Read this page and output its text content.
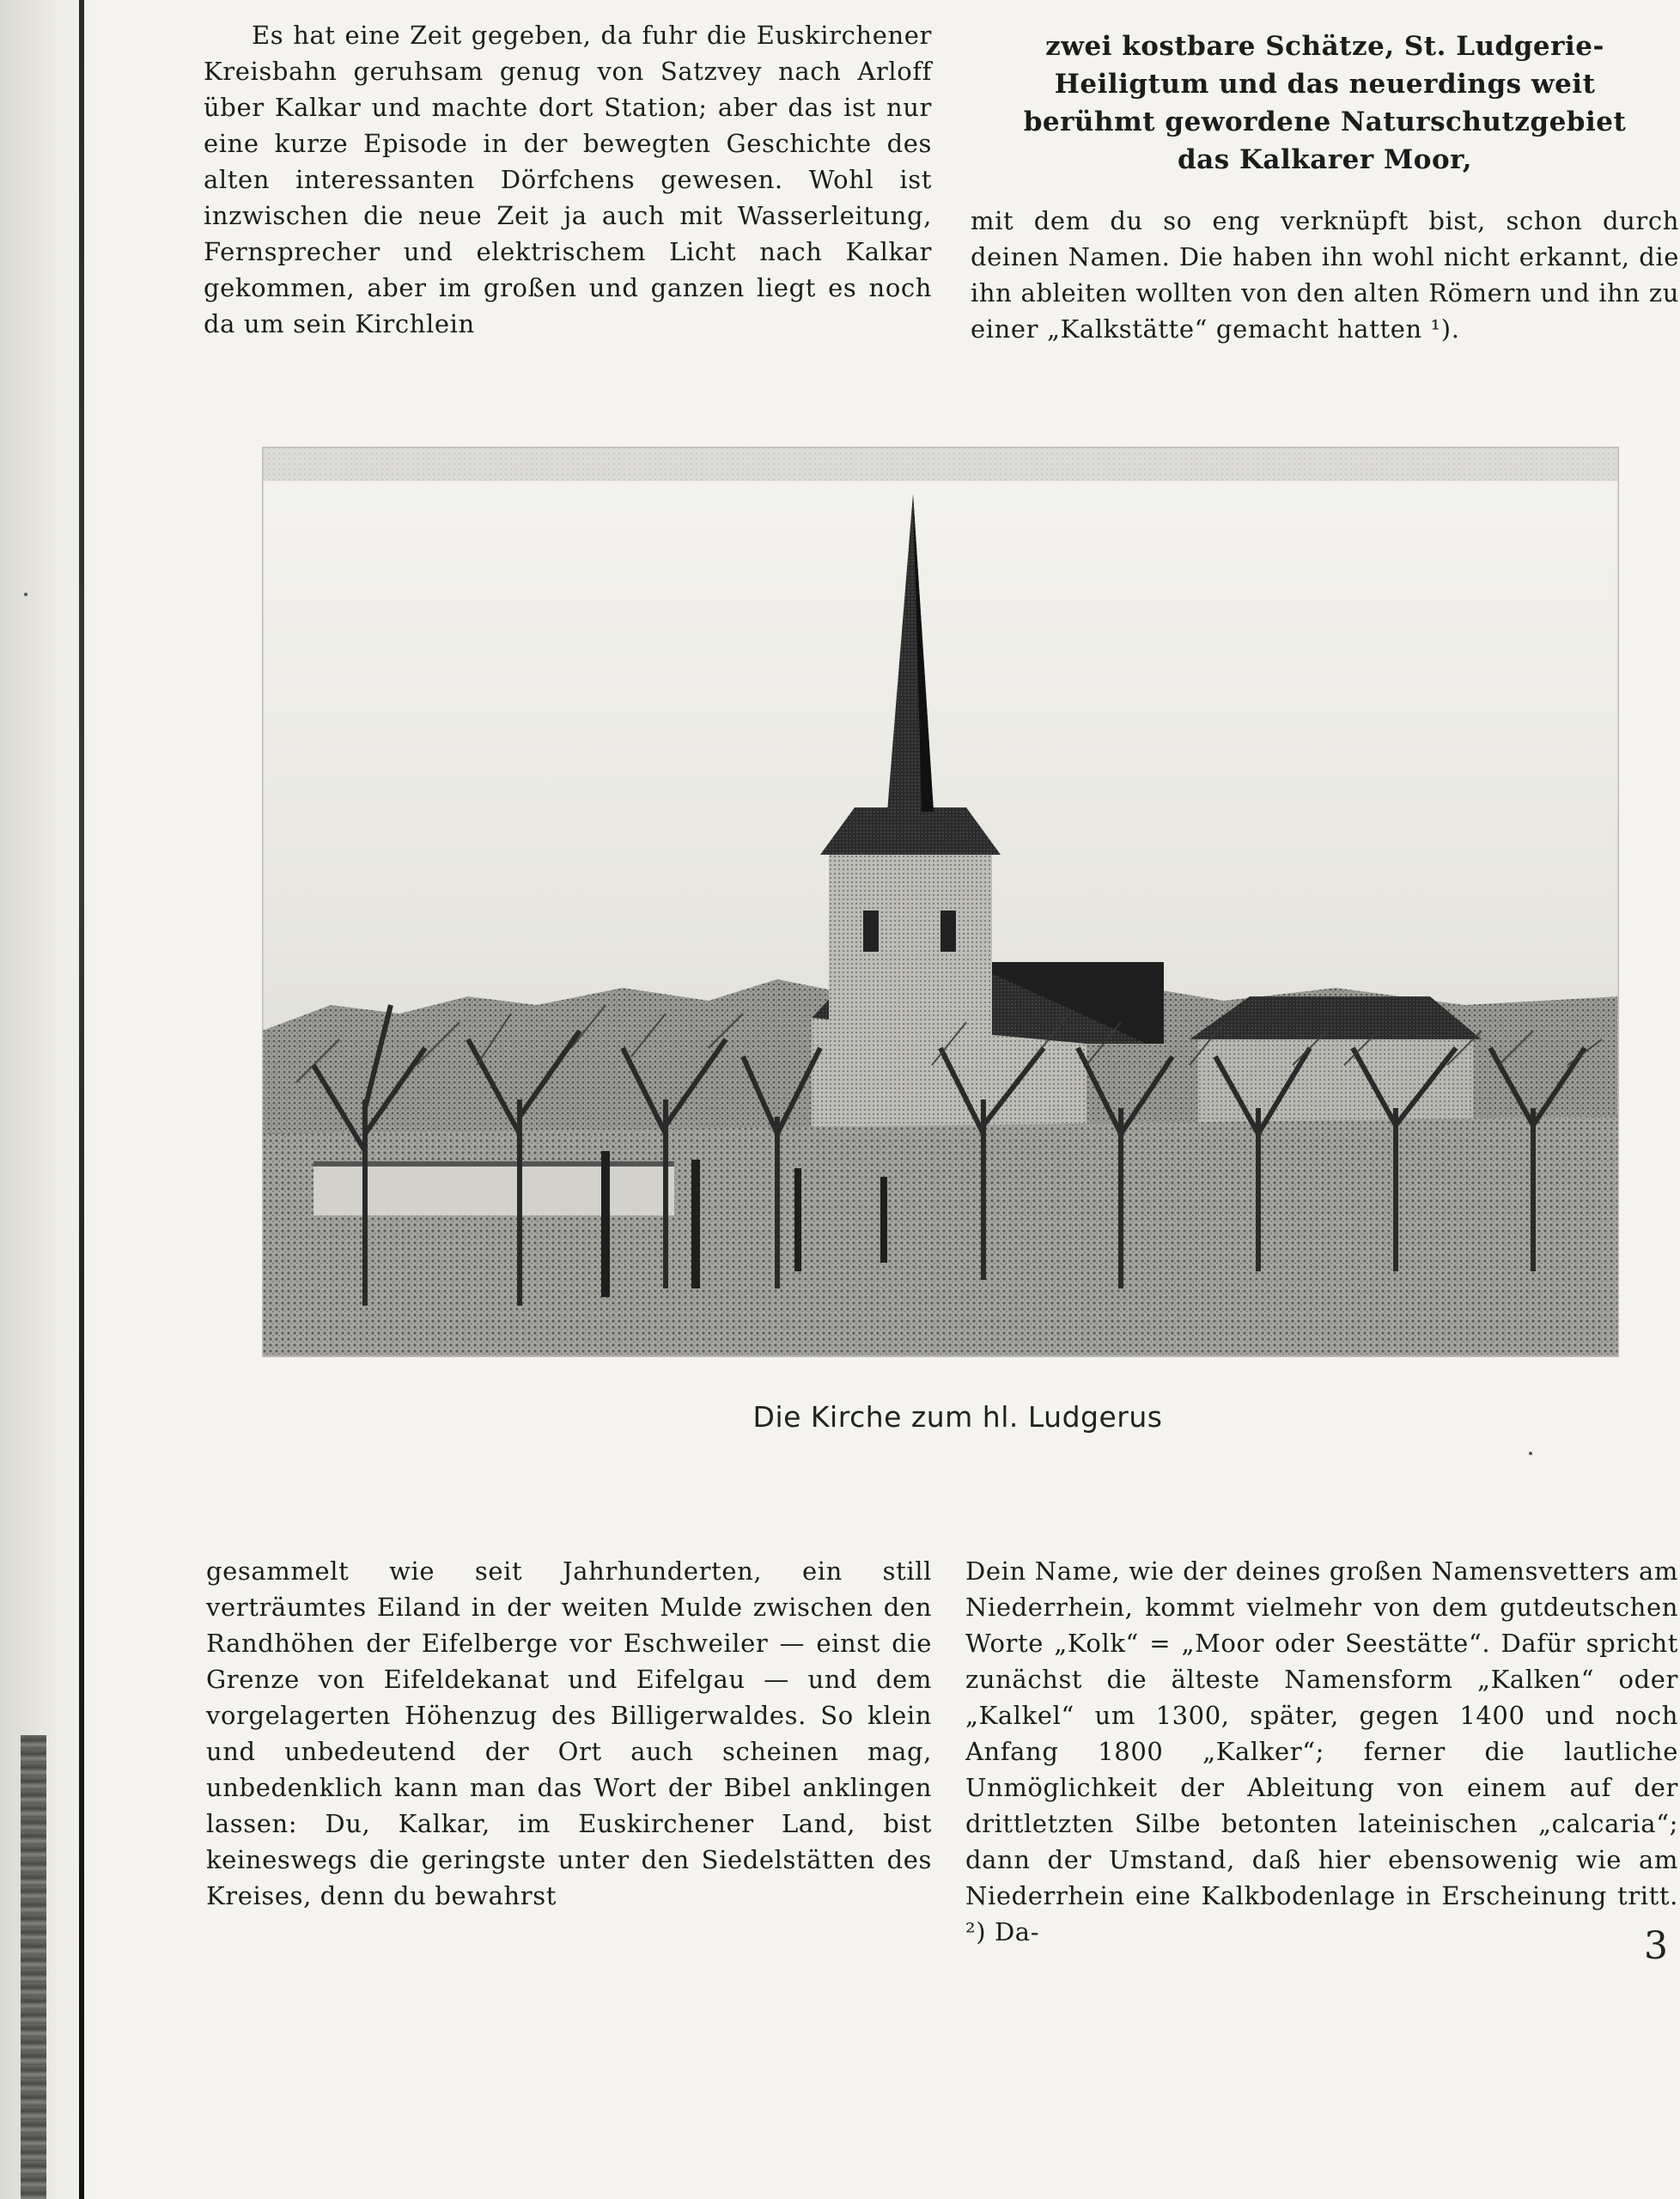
Es hat eine Zeit gegeben, da fuhr die Euskirchener Kreisbahn geruhsam genug von Satzvey nach Arloff über Kalkar und machte dort Station; aber das ist nur eine kurze Episode in der bewegten Geschichte des alten interessanten Dörfchens gewesen. Wohl ist inzwischen die neue Zeit ja auch mit Wasserleitung, Fernsprecher und elektrischem Licht nach Kalkar gekommen, aber im großen und ganzen liegt es noch da um sein Kirchlein
zwei kostbare Schätze, St. Ludgerie-
Heiligtum und das neuerdings weit
berühmt gewordene Naturschutzgebiet
das Kalkarer Moor,
mit dem du so eng verknüpft bist, schon durch deinen Namen. Die haben ihn wohl nicht erkannt, die ihn ableiten wollten von den alten Römern und ihn zu einer „Kalkstätte“ gemacht hatten ¹).
Die Kirche zum hl. Ludgerus
gesammelt wie seit Jahrhunderten, ein still verträumtes Eiland in der weiten Mulde zwischen den Randhöhen der Eifelberge vor Eschweiler — einst die Grenze von Eifeldekanat und Eifelgau — und dem vorgelagerten Höhenzug des Billigerwaldes. So klein und unbedeutend der Ort auch scheinen mag, unbedenklich kann man das Wort der Bibel anklingen lassen: Du, Kalkar, im Euskirchener Land, bist keineswegs die geringste unter den Siedelstätten des Kreises, denn du bewahrst
Dein Name, wie der deines großen Namensvetters am Niederrhein, kommt vielmehr von dem gutdeutschen Worte „Kolk“ = „Moor oder Seestätte“. Dafür spricht zunächst die älteste Namensform „Kalken“ oder „Kalkel“ um 1300, später, gegen 1400 und noch Anfang 1800 „Kalker“; ferner die lautliche Unmöglichkeit der Ableitung von einem auf der drittletzten Silbe betonten lateinischen „calcaria“; dann der Umstand, daß hier ebensowenig wie am Niederrhein eine Kalkbodenlage in Erscheinung tritt. ²) Da-	3
